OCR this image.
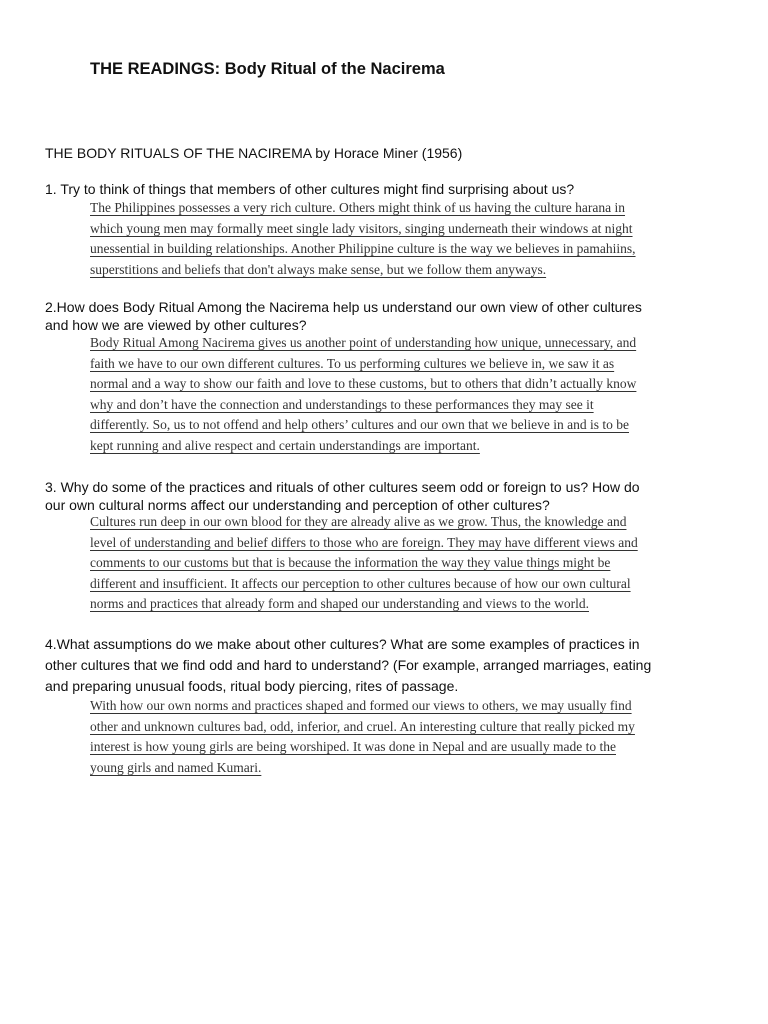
THE READINGS: Body Ritual of the Nacirema
THE BODY RITUALS OF THE NACIREMA by Horace Miner (1956)
1. Try to think of things that members of other cultures might find surprising about us?
The Philippines possesses a very rich culture. Others might think of us having the culture harana in
which young men may formally meet single lady visitors, singing underneath their windows at night
unessential in building relationships. Another Philippine culture is the way we believes in pamahiins,
superstitions and beliefs that don't always make sense, but we follow them anyways.
2.How does Body Ritual Among the Nacirema help us understand our own view of other cultures
and how we are viewed by other cultures?
Body Ritual Among Nacirema gives us another point of understanding how unique, unnecessary, and
faith we have to our own different cultures. To us performing cultures we believe in, we saw it as
normal and a way to show our faith and love to these customs, but to others that didn’t actually know
why and don’t have the connection and understandings to these performances they may see it
differently. So, us to not offend and help others’ cultures and our own that we believe in and is to be
kept running and alive respect and certain understandings are important.
3. Why do some of the practices and rituals of other cultures seem odd or foreign to us? How do
our own cultural norms affect our understanding and perception of other cultures?
Cultures run deep in our own blood for they are already alive as we grow. Thus, the knowledge and
level of understanding and belief differs to those who are foreign. They may have different views and
comments to our customs but that is because the information the way they value things might be
different and insufficient. It affects our perception to other cultures because of how our own cultural
norms and practices that already form and shaped our understanding and views to the world.
4.What assumptions do we make about other cultures? What are some examples of practices in
other cultures that we find odd and hard to understand? (For example, arranged marriages, eating
and preparing unusual foods, ritual body piercing, rites of passage.
With how our own norms and practices shaped and formed our views to others, we may usually find
other and unknown cultures bad, odd, inferior, and cruel. An interesting culture that really picked my
interest is how young girls are being worshiped. It was done in Nepal and are usually made to the
young girls and named Kumari.
